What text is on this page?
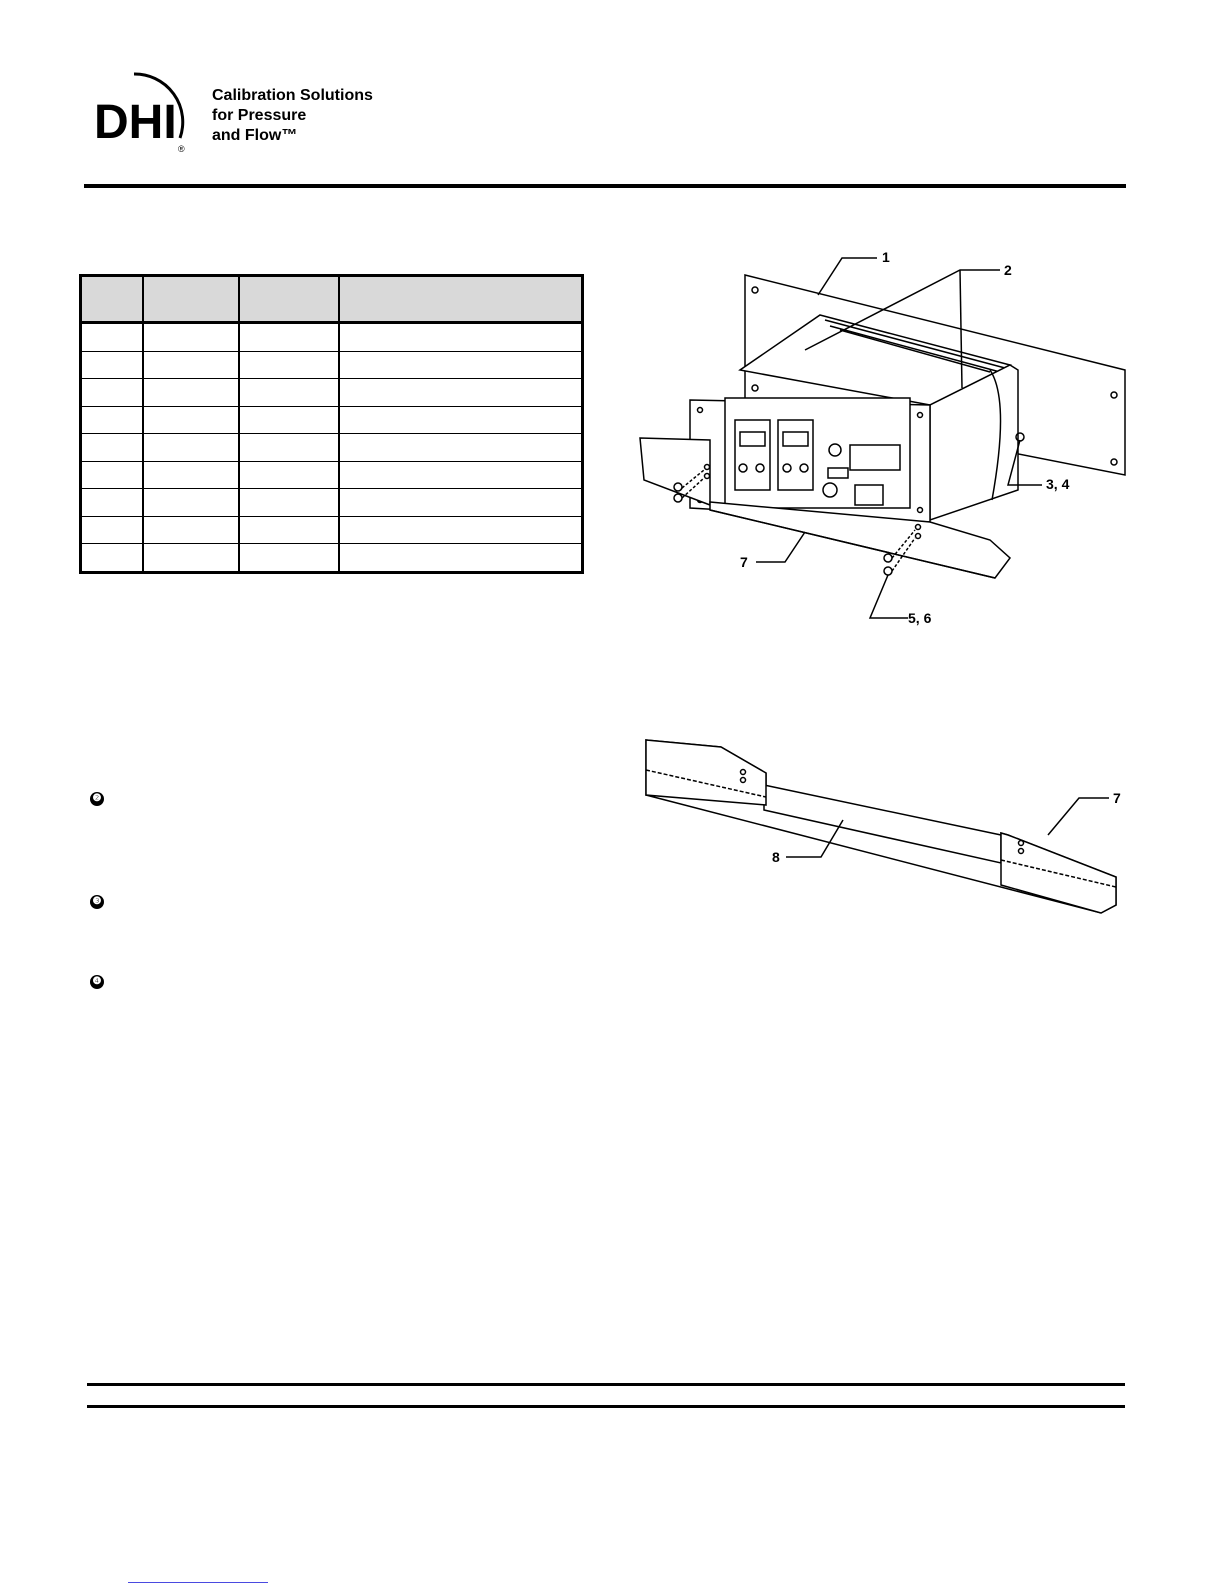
DHI ®
Calibration Solutions
for Pressure
and Flow™

❷
❸
❹
1
2
3, 4
5, 6
7
7
8
